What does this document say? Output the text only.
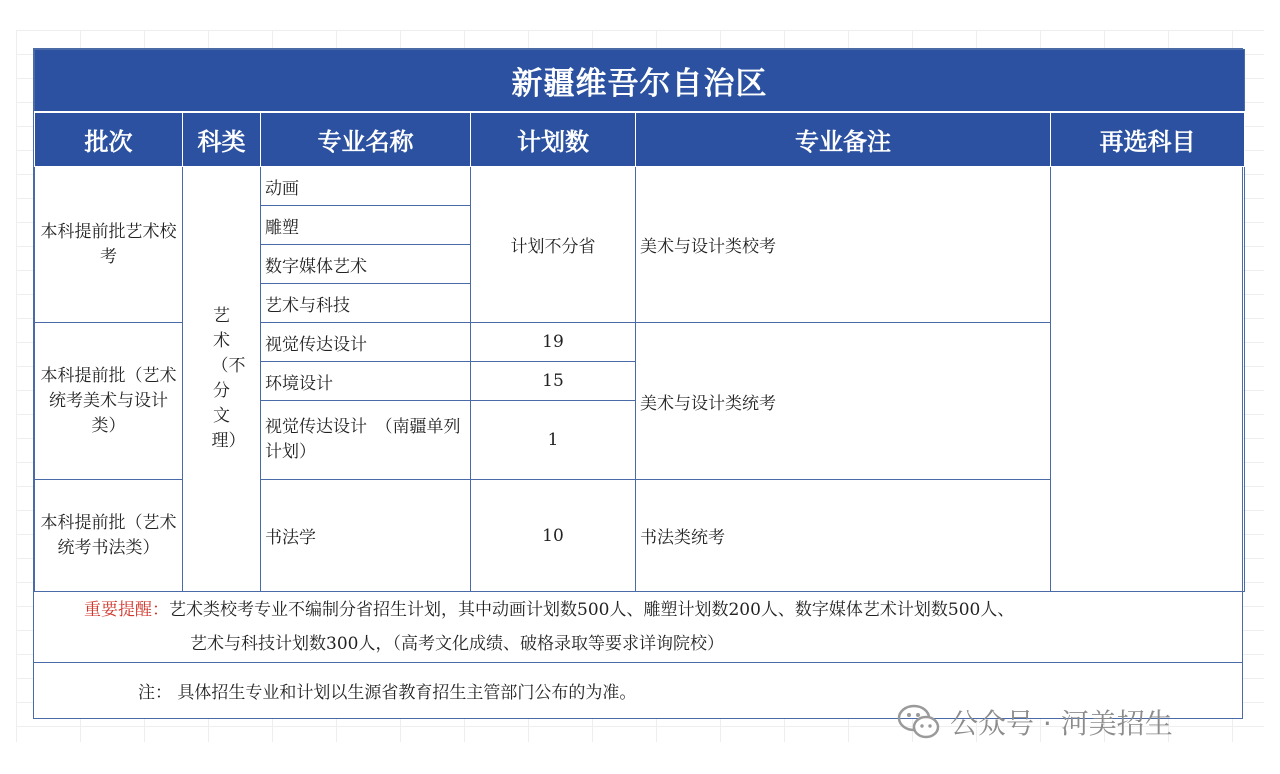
新疆维吾尔自治区					
批次	科类	专业名称	计划数	专业备注	再选科目
本科提前批艺术校考	艺术（不分文理）	动画	计划不分省	美术与设计类校考	
		雕塑			
		数字媒体艺术			
		艺术与科技			
本科提前批（艺术统考美术与设计类）		视觉传达设计	19	美术与设计类统考	
		环境设计	15		
		视觉传达设计　（南疆单列计划）	1		
本科提前批（艺术统考书法类）		书法学	10	书法类统考	
重要提醒：艺术类校考专业不编制分省招生计划，其中动画计划数500人、雕塑计划数200人、数字媒体艺术计划数500人、
艺术与科技计划数300人，（高考文化成绩、破格录取等要求详询院校）

注： 具体招生专业和计划以生源省教育招生主管部门公布的为准。
公众号 · 河美招生
